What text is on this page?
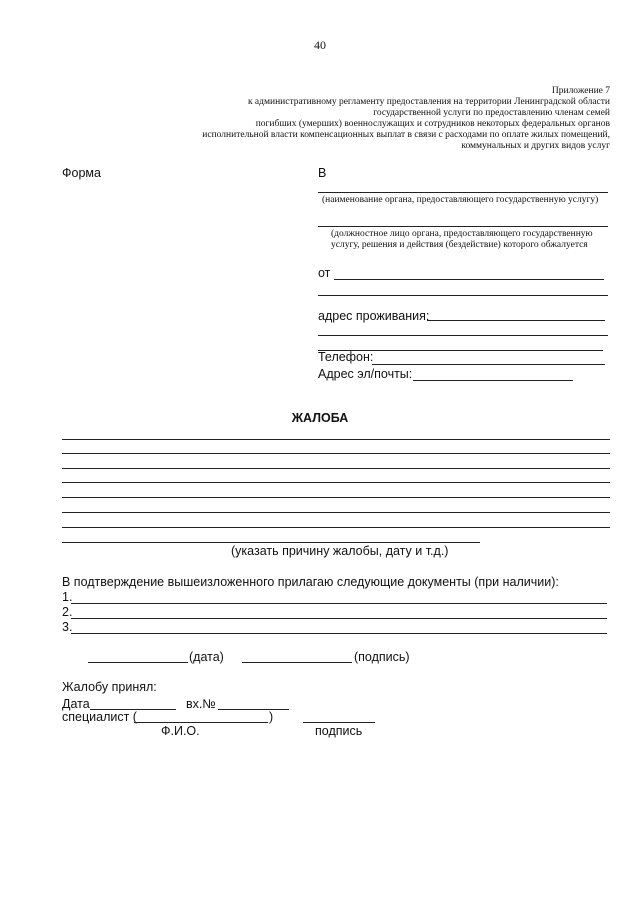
40
Приложение 7
к административному регламенту предоставления на территории Ленинградской области
государственной услуги по предоставлению членам семей
погибших (умерших) военнослужащих и сотрудников некоторых федеральных органов
исполнительной власти компенсационных выплат в связи с расходами по оплате жилых помещений,
коммунальных и других видов услуг
Форма	В
(наименование органа, предоставляющего государственную услугу)
(должностное лицо органа, предоставляющего государственную
услугу, решения и действия (бездействие) которого обжалуется
от
адрес проживания:
Телефон:
Адрес эл/почты:
ЖАЛОБА
(указать причину жалобы, дату и т.д.)
В подтверждение вышеизложенного прилагаю следующие документы (при наличии):
1.
2.
3.
(дата)	(подпись)
Жалобу принял:
Дата	вх.№
специалист (	)
Ф.И.О.	подпись
